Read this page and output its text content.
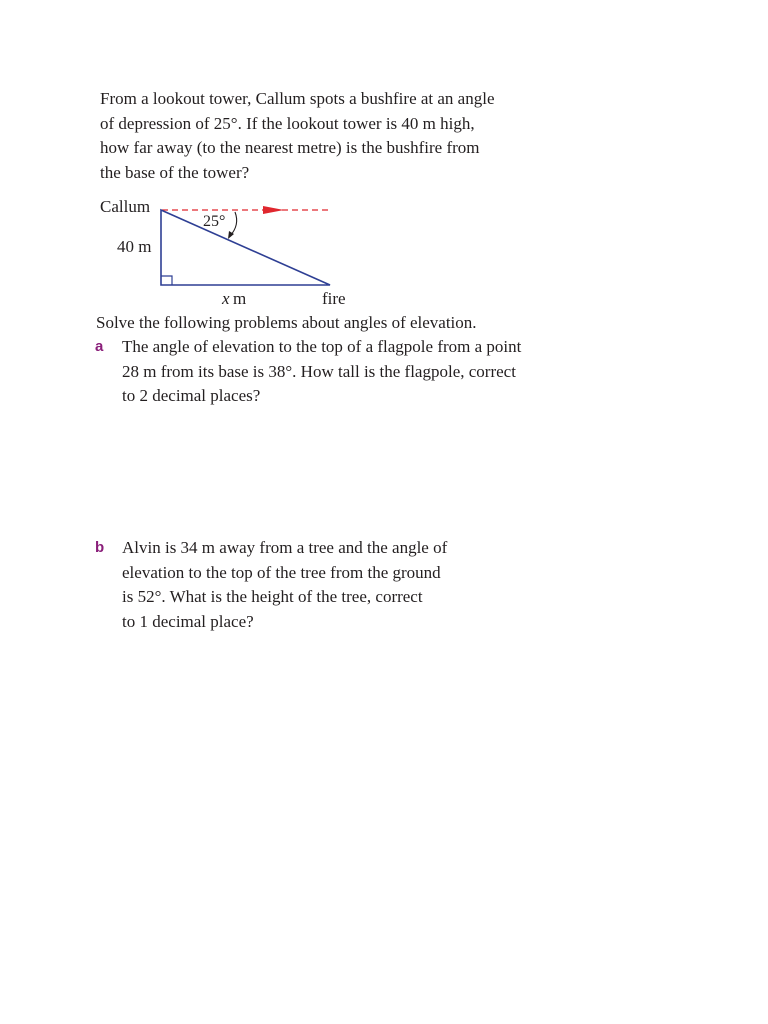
From a lookout tower, Callum spots a bushfire at an angle
of depression of 25°. If the lookout tower is 40 m high,
how far away (to the nearest metre) is the bushfire from
the base of the tower?
Callum
40 m
25°
x  m	fire
Solve the following problems about angles of elevation.
a The angle of elevation to the top of a flagpole from a point
28 m from its base is 38°. How tall is the flagpole, correct
to 2 decimal places?
b Alvin is 34 m away from a tree and the angle of
elevation to the top of the tree from the ground
is 52°. What is the height of the tree, correct
to 1 decimal place?
